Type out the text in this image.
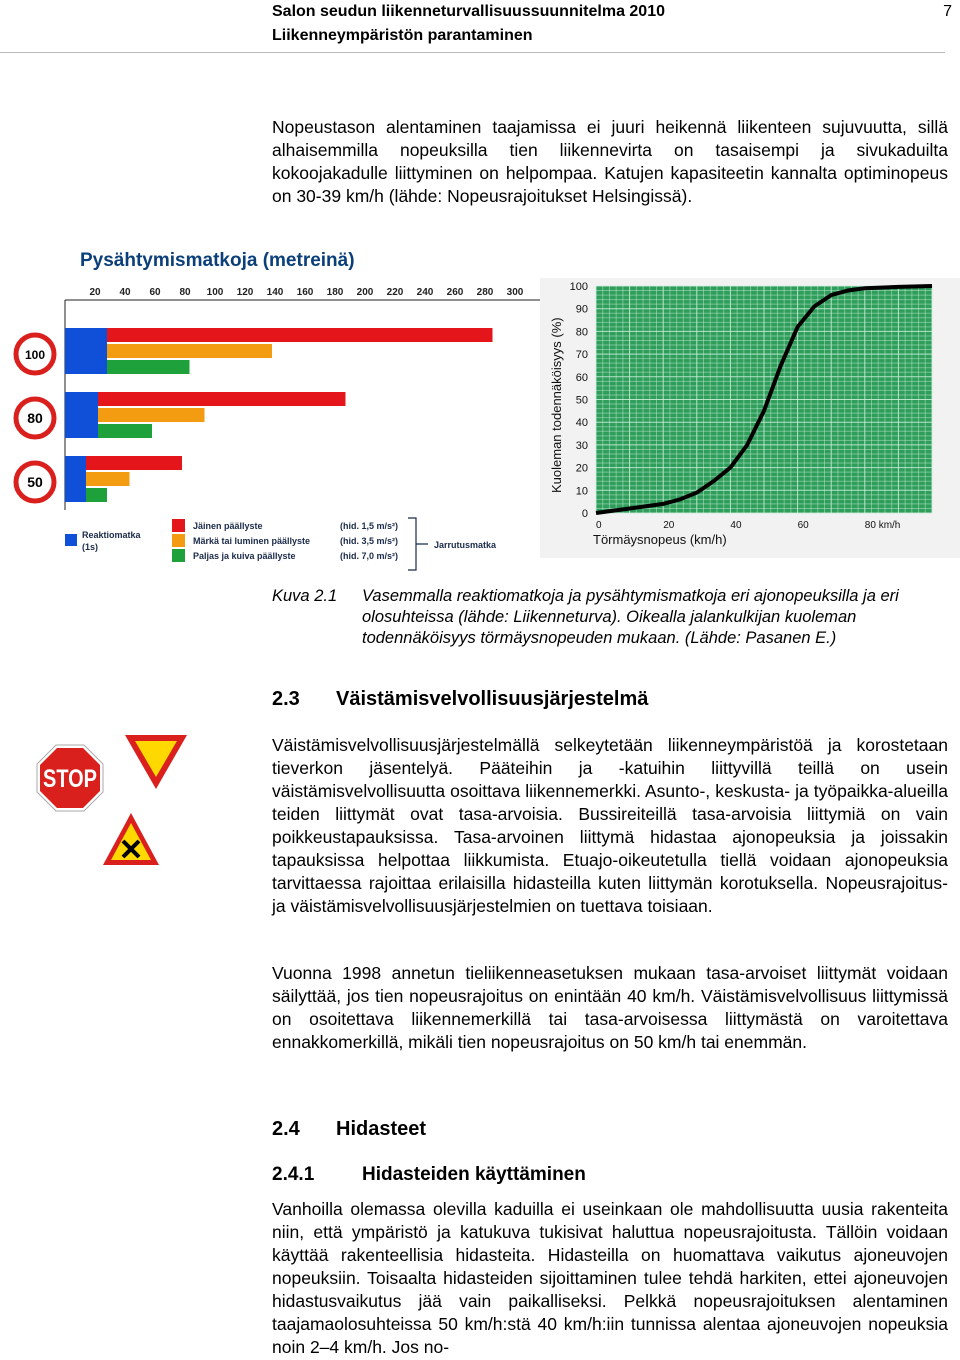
Salon seudun liikenneturvallisuussuunnitelma 2010
Liikenneympäristön parantaminen
7
Nopeustason alentaminen taajamissa ei juuri heikennä liikenteen sujuvuutta, sillä alhaisemmilla nopeuksilla tien liikennevirta on tasaisempi ja sivukaduilta kokoojakadulle liittyminen on helpompaa. Katujen kapasiteetin kannalta optiminopeus on 30-39 km/h (lähde: Nopeusrajoitukset Helsingissä).
Pysähtymismatkoja (metreinä)
20 40 60 80 100 120 140 160 180 200 220 240 260 280 300
100
80
50
Reaktiomatka
(1s)
Jäinen päällyste	(hid. 1,5 m/s²)
Märkä tai luminen päällyste	(hid. 3,5 m/s²)
Paljas ja kuiva päällyste	(hid. 7,0 m/s²)
Jarrutusmatka
0
10
20
30
40
50
60
70
80
90
100
0	20	40	60	80 km/h
Kuoleman todennäköisyys (%)
Törmäysnopeus (km/h)
Kuva 2.1 Vasemmalla reaktiomatkoja ja pysähtymismatkoja eri ajonopeuksilla ja eri olosuhteissa (lähde: Liikenneturva). Oikealla jalankulkijan kuoleman todennäköisyys törmäysnopeuden mukaan. (Lähde: Pasanen E.)
2.3 Väistämisvelvollisuusjärjestelmä
STOP
Väistämisvelvollisuusjärjestelmällä selkeytetään liikenneympäristöä ja korostetaan tieverkon jäsentelyä. Pääteihin ja -katuihin liittyvillä teillä on usein väistämisvelvollisuutta osoittava liikennemerkki. Asunto-, keskusta- ja työpaikka-alueilla teiden liittymät ovat tasa-arvoisia. Bussireiteillä tasa-arvoisia liittymiä on vain poikkeustapauksissa. Tasa-arvoinen liittymä hidastaa ajonopeuksia ja joissakin tapauksissa helpottaa liikkumista. Etuajo-oikeutetulla tiellä voidaan ajonopeuksia tarvittaessa rajoittaa erilaisilla hidasteilla kuten liittymän korotuksella. Nopeusrajoitus- ja väistämisvelvollisuusjärjestelmien on tuettava toisiaan.
Vuonna 1998 annetun tieliikenneasetuksen mukaan tasa-arvoiset liittymät voidaan säilyttää, jos tien nopeusrajoitus on enintään 40 km/h. Väistämisvelvollisuus liittymissä on osoitettava liikennemerkillä tai tasa-arvoisessa liittymästä on varoitettava ennakkomerkillä, mikäli tien nopeusrajoitus on 50 km/h tai enemmän.
2.4 Hidasteet
2.4.1	Hidasteiden käyttäminen
Vanhoilla olemassa olevilla kaduilla ei useinkaan ole mahdollisuutta uusia rakenteita niin, että ympäristö ja katukuva tukisivat haluttua nopeusrajoitusta. Tällöin voidaan käyttää rakenteellisia hidasteita. Hidasteilla on huomattava vaikutus ajoneuvojen nopeuksiin. Toisaalta hidasteiden sijoittaminen tulee tehdä harkiten, ettei ajoneuvojen hidastusvaikutus jää vain paikalliseksi. Pelkkä nopeusrajoituksen alentaminen taajamaolosuhteissa 50 km/h:stä 40 km/h:iin tunnissa alentaa ajoneuvojen nopeuksia noin 2–4 km/h. Jos no-
